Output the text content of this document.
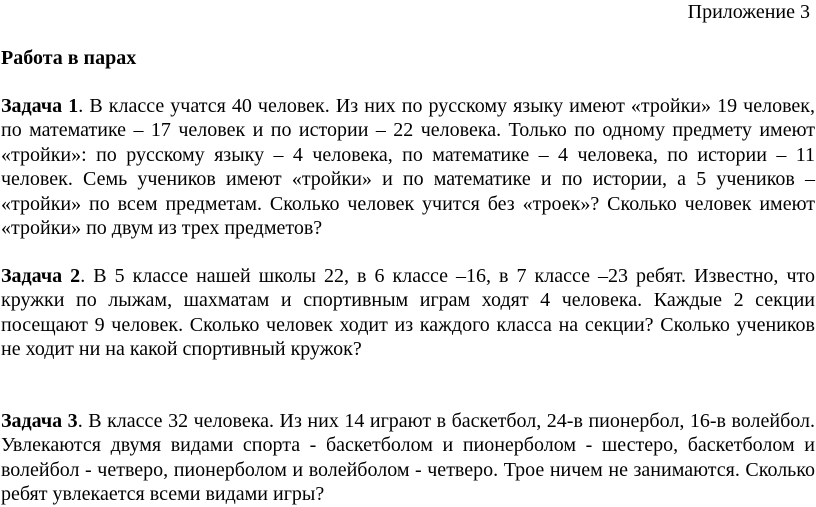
Приложение 3
Работа в парах

Задача 1. В классе учатся 40 человек. Из них по русскому языку имеют «тройки» 19 человек, по математике – 17 человек и по истории – 22 человека. Только по одному предмету имеют «тройки»: по русскому языку – 4 человека, по математике – 4 человека, по истории – 11 человек. Семь учеников имеют «тройки» и по математике и по истории, а 5 учеников – «тройки» по всем предметам. Сколько человек учится без «троек»? Сколько человек имеют «тройки» по двум из трех предметов?

Задача 2. В 5 классе нашей школы 22, в 6 классе –16, в 7 классе –23 ребят. Известно, что кружки по лыжам, шахматам и спортивным играм ходят 4 человека. Каждые 2 секции посещают 9 человек. Сколько человек ходит из каждого класса на секции? Сколько учеников не ходит ни на какой спортивный кружок?

Задача 3. В классе 32 человека. Из них 14 играют в баскетбол, 24-в пионербол, 16-в волейбол. Увлекаются двумя видами спорта - баскетболом и пионерболом - шестеро, баскетболом и волейбол - четверо, пионерболом и волейболом - четверо. Трое ничем не занимаются. Сколько ребят увлекается всеми видами игры?
